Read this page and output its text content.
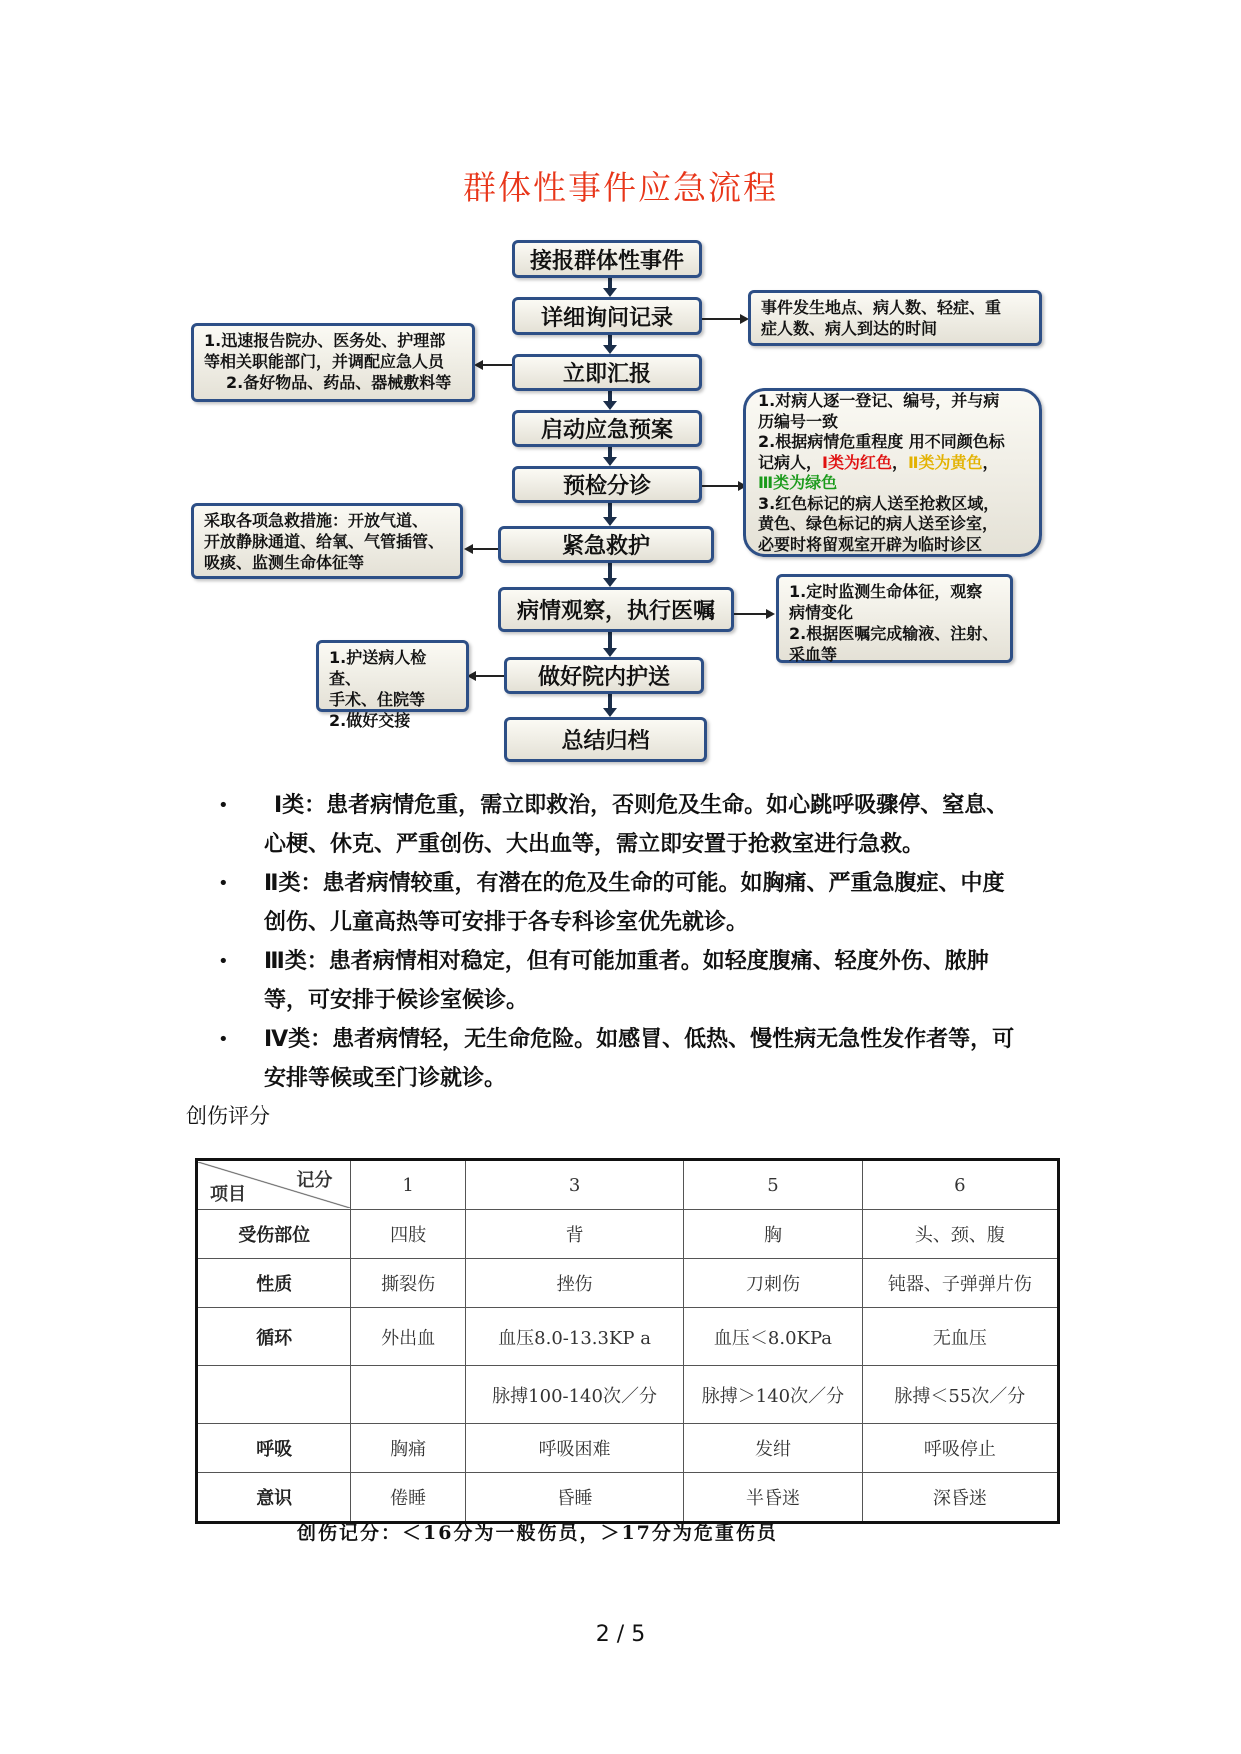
群体性事件应急流程
接报群体性事件
详细询问记录
立即汇报
启动应急预案
预检分诊
紧急救护
病情观察，执行医嘱
做好院内护送
总结归档
事件发生地点、病人数、轻症、重
症人数、病人到达的时间
1.迅速报告院办、医务处、护理部
等相关职能部门，并调配应急人员
2.备好物品、药品、器械敷料等
1.对病人逐一登记、编号，并与病
历编号一致
2.根据病情危重程度 用不同颜色标
记病人，Ⅰ类为红色，Ⅱ类为黄色，
Ⅲ类为绿色
3.红色标记的病人送至抢救区域，
黄色、绿色标记的病人送至诊室，
必要时将留观室开辟为临时诊区
采取各项急救措施：开放气道、
开放静脉通道、给氧、气管插管、
吸痰、监测生命体征等
1.定时监测生命体征，观察
病情变化
2.根据医嘱完成输液、注射、
采血等
1.护送病人检查、
手术、住院等
2.做好交接
•	Ⅰ类：患者病情危重，需立即救治，否则危及生命。如心跳呼吸骤停、窒息、
心梗、休克、严重创伤、大出血等，需立即安置于抢救室进行急救。
• Ⅱ类：患者病情较重，有潜在的危及生命的可能。如胸痛、严重急腹症、中度
创伤、儿童高热等可安排于各专科诊室优先就诊。
• Ⅲ类：患者病情相对稳定，但有可能加重者。如轻度腹痛、轻度外伤、脓肿
等，可安排于候诊室候诊。
• Ⅳ类：患者病情轻，无生命危险。如感冒、低热、慢性病无急性发作者等，可
安排等候或至门诊就诊。
创伤评分
记分
项目	1	3	5	6
受伤部位	四肢	背	胸	头、颈、腹
性质	撕裂伤	挫伤	刀刺伤	钝器、子弹弹片伤
循环	外出血	血压8.0-13.3KP a	血压＜8.0KPa	无血压
		脉搏100-140次／分	脉搏＞140次／分	脉搏＜55次／分
呼吸	胸痛	呼吸困难	发绀	呼吸停止
意识	倦睡	昏睡	半昏迷	深昏迷
创伤记分：＜16分为一般伤员，＞17分为危重伤员
2 / 5
